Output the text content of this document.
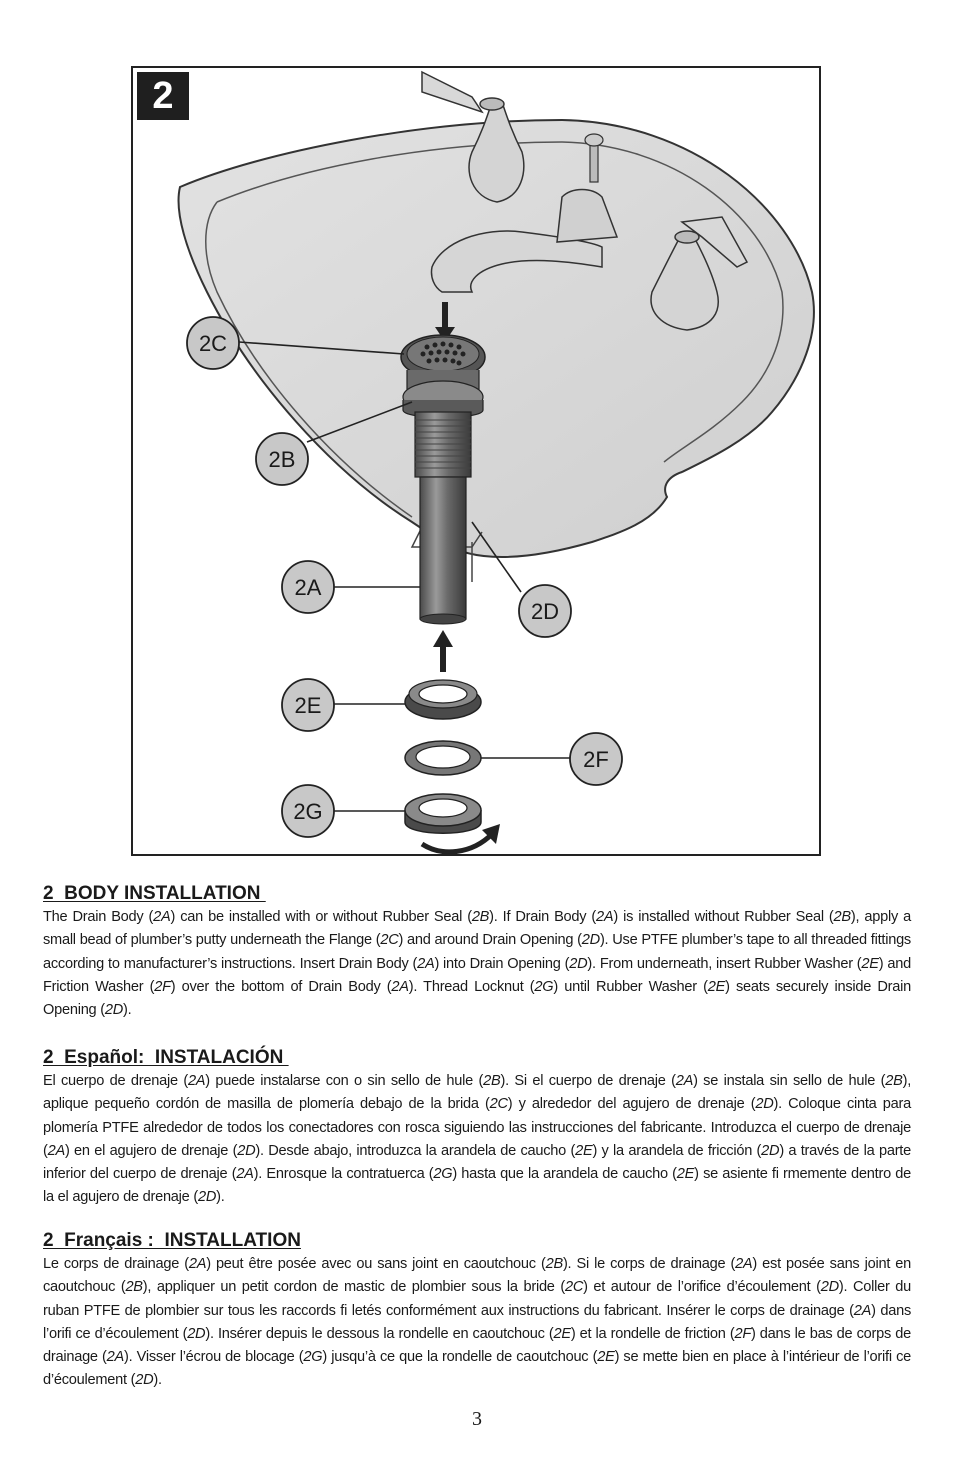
2C
2B
2A
2D
2E
2F
2G
2
2  BODY INSTALLATION

The Drain Body (2A) can be installed with or without Rubber Seal (2B). If Drain Body (2A) is installed without Rubber Seal (2B), apply a small bead of plumber’s putty underneath the Flange (2C) and around Drain Opening (2D). Use PTFE plumber’s tape to all threaded fittings according to manufacturer’s instructions. Insert Drain Body (2A) into Drain Opening (2D). From underneath, insert Rubber Washer (2E) and Friction Washer (2F) over the bottom of Drain Body (2A). Thread Locknut (2G) until Rubber Washer (2E) seats securely inside Drain Opening (2D).

2  Español:  INSTALACIÓN

El cuerpo de drenaje (2A) puede instalarse con o sin sello de hule (2B). Si el cuerpo de drenaje (2A) se instala sin sello de hule (2B), aplique pequeño cordón de masilla de plomería debajo de la brida (2C) y alrededor del agujero de drenaje (2D). Coloque cinta para plomería PTFE alrededor de todos los conectadores con rosca siguiendo las instrucciones del fabricante. Introduzca el cuerpo de drenaje (2A) en el agujero de drenaje (2D). Desde abajo, introduzca la arandela de caucho (2E) y la arandela de fricción (2D) a través de la parte inferior del cuerpo de drenaje (2A). Enrosque la contratuerca (2G) hasta que la arandela de caucho (2E) se asiente fi rmemente dentro de la el agujero de drenaje (2D).

2  Français :  INSTALLATION

Le corps de drainage (2A) peut être posée avec ou sans joint en caoutchouc (2B). Si le corps de drainage (2A) est posée sans joint en caoutchouc (2B), appliquer un petit cordon de mastic de plombier sous la bride (2C) et autour de l’orifice d’écoulement (2D). Coller du ruban PTFE de plombier sur tous les raccords fi letés conformément aux instructions du fabricant. Insérer le corps de drainage (2A) dans l’orifi ce d’écoulement (2D). Insérer depuis le dessous la rondelle en caoutchouc (2E) et la rondelle de friction (2F) dans le bas de corps de drainage (2A). Visser l’écrou de blocage (2G) jusqu’à ce que la rondelle de caoutchouc (2E) se mette bien en place à l’intérieur de l’orifi ce d’écoulement (2D).

3
